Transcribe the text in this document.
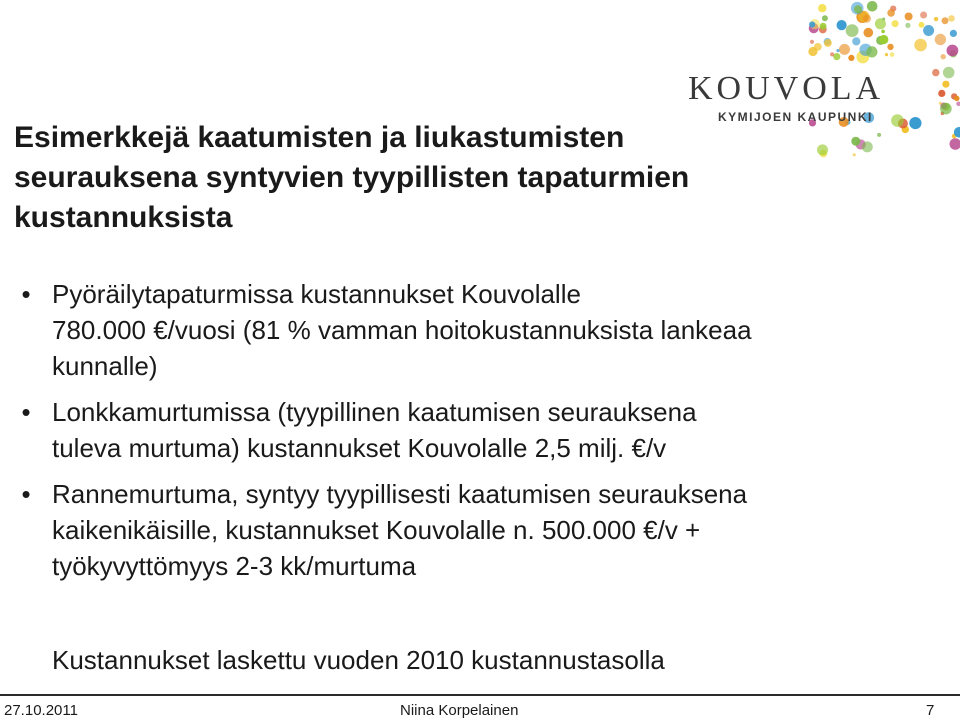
KOUVOLA
KYMIJOEN KAUPUNKI
Esimerkkejä kaatumisten ja liukastumisten
seurauksena syntyvien tyypillisten tapaturmien
kustannuksista
• Pyöräilytapaturmissa kustannukset Kouvolalle
780.000 €/vuosi (81 % vamman hoitokustannuksista lankeaa
kunnalle)
• Lonkkamurtumissa (tyypillinen kaatumisen seurauksena
tuleva murtuma) kustannukset Kouvolalle 2,5 milj. €/v
• Rannemurtuma, syntyy tyypillisesti kaatumisen seurauksena
kaikenikäisille, kustannukset Kouvolalle n. 500.000 €/v +
työkyvyttömyys 2-3 kk/murtuma
Kustannukset laskettu vuoden 2010 kustannustasolla
27.10.2011	Niina Korpelainen	7
